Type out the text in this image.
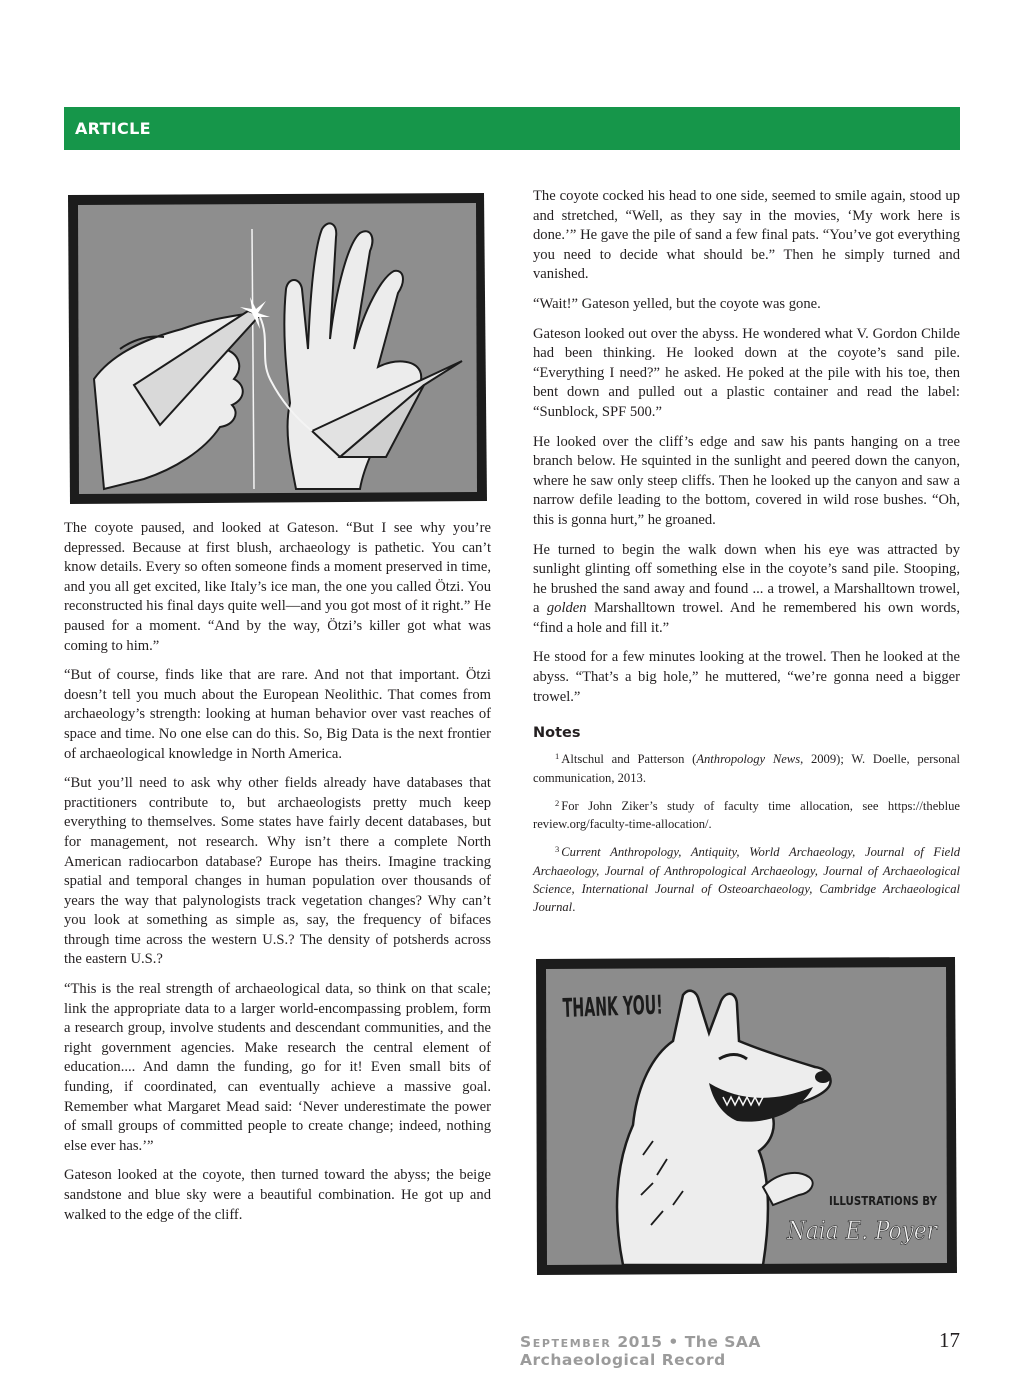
ARTICLE

The coyote paused, and looked at Gateson. “But I see why you’re depressed. Because at first blush, archaeology is pathetic. You can’t know details. Every so often someone finds a moment preserved in time, and you all get excited, like Italy’s ice man, the one you called Ötzi. You reconstructed his final days quite well—and you got most of it right.” He paused for a moment. “And by the way, Ötzi’s killer got what was coming to him.”

“But of course, finds like that are rare. And not that important. Ötzi doesn’t tell you much about the European Neolithic. That comes from archaeology’s strength: looking at human behavior over vast reaches of space and time. No one else can do this. So, Big Data is the next frontier of archaeological knowledge in North America.

“But you’ll need to ask why other fields already have databases that practitioners contribute to, but archaeologists pretty much keep everything to themselves. Some states have fairly decent databases, but for management, not research. Why isn’t there a complete North American radiocarbon database? Europe has theirs. Imagine tracking spatial and temporal changes in human population over thousands of years the way that palynologists track vegetation changes? Why can’t you look at something as simple as, say, the frequency of bifaces through time across the western U.S.? The density of potsherds across the eastern U.S.?

“This is the real strength of archaeological data, so think on that scale; link the appropriate data to a larger world-encompassing problem, form a research group, involve students and descendant communities, and the right government agencies. Make research the central element of education.... And damn the funding, go for it! Even small bits of funding, if coordinated, can eventually achieve a massive goal. Remember what Margaret Mead said: ‘Never underestimate the power of small groups of committed people to create change; indeed, nothing else ever has.’”

Gateson looked at the coyote, then turned toward the abyss; the beige sandstone and blue sky were a beautiful combination. He got up and walked to the edge of the cliff.

The coyote cocked his head to one side, seemed to smile again, stood up and stretched, “Well, as they say in the movies, ‘My work here is done.’” He gave the pile of sand a few final pats. “You’ve got everything you need to decide what should be.” Then he simply turned and vanished.

“Wait!” Gateson yelled, but the coyote was gone.

Gateson looked out over the abyss. He wondered what V. Gordon Childe had been thinking. He looked down at the coyote’s sand pile. “Everything I need?” he asked. He poked at the pile with his toe, then bent down and pulled out a plastic container and read the label: “Sunblock, SPF 500.”

He looked over the cliff’s edge and saw his pants hanging on a tree branch below. He squinted in the sunlight and peered down the canyon, where he saw only steep cliffs. Then he looked up the canyon and saw a narrow defile leading to the bottom, covered in wild rose bushes. “Oh, this is gonna hurt,” he groaned.

He turned to begin the walk down when his eye was attracted by sunlight glinting off something else in the coyote’s sand pile. Stooping, he brushed the sand away and found ... a trowel, a Marshalltown trowel, a golden Marshalltown trowel. And he remembered his own words, “find a hole and fill it.”

He stood for a few minutes looking at the trowel. Then he looked at the abyss. “That’s a big hole,” he muttered, “we’re gonna need a bigger trowel.”

Notes

$^1$ Altschul and Patterson (Anthropology News, 2009); W. Doelle, personal communication, 2013.

$^2$ For John Ziker’s study of faculty time allocation, see https://theblue review.org/faculty-time-allocation/.

$^3$ Current Anthropology, Antiquity, World Archaeology, Journal of Field Archaeology, Journal of Anthropological Archaeology, Journal of Archaeological Science, International Journal of Osteoarchaeology, Cambridge Archaeological Journal.

THANK YOU!
ILLUSTRATIONS BY
Naia E. Poyer
September 2015 • The SAA Archaeological Record
17
